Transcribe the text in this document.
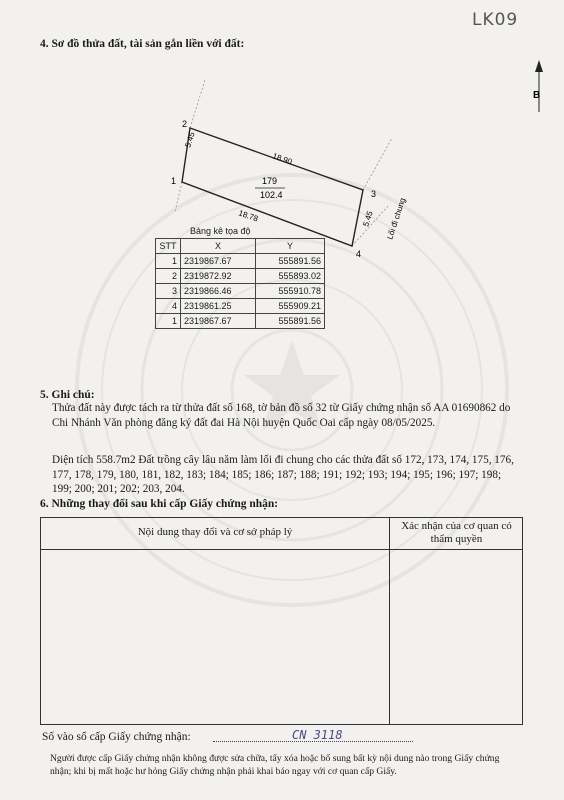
LK09
4. Sơ đồ thửa đất, tài sản gắn liền với đất:
B
2
1
3
4
5.45
18.90
18.78	5.45 Lối đi chung
179
102.4
Bảng kê tọa độ
STT	X	Y
1	2319867.67	555891.56
2	2319872.92	555893.02
3	2319866.46	555910.78
4	2319861.25	555909.21
1	2319867.67	555891.56
5. Ghi chú:
Thửa đất này được tách ra từ thửa đất số 168, tờ bản đồ số 32 từ Giấy chứng nhận số AA 01690862 do Chi Nhánh Văn phòng đăng ký đất đai Hà Nội huyện Quốc Oai cấp ngày 08/05/2025.
Diện tích 558.7m2 Đất trồng cây lâu năm làm lối đi chung cho các thửa đất số 172, 173, 174, 175, 176, 177, 178, 179, 180, 181, 182, 183; 184; 185; 186; 187; 188; 191; 192; 193; 194; 195; 196; 197; 198; 199; 200; 201; 202; 203, 204.
6. Những thay đổi sau khi cấp Giấy chứng nhận:
Nội dung thay đổi và cơ sở pháp lý	Xác nhận của cơ quan có thẩm quyền
Số vào sổ cấp Giấy chứng nhận:	CN 3118
Người được cấp Giấy chứng nhận không được sửa chữa, tẩy xóa hoặc bổ sung bất kỳ nội dung nào trong Giấy chứng nhận; khi bị mất hoặc hư hỏng Giấy chứng nhận phải khai báo ngay với cơ quan cấp Giấy.
